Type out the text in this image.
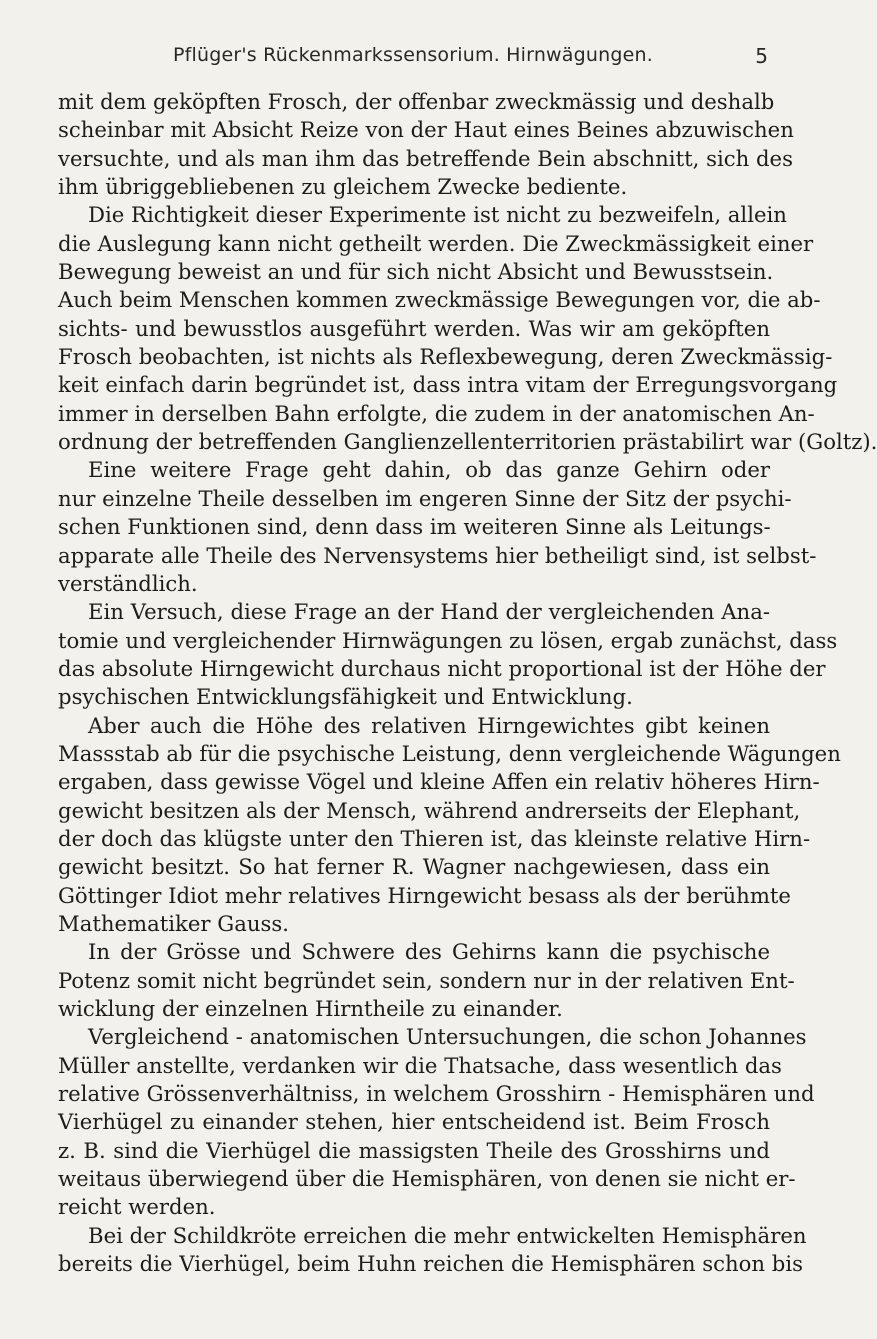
Pflüger's Rückenmarkssensorium. Hirnwägungen.	5

mit dem geköpften Frosch, der offenbar zweckmässig und deshalb

scheinbar mit Absicht Reize von der Haut eines Beines abzuwischen

versuchte, und als man ihm das betreffende Bein abschnitt, sich des

ihm übriggebliebenen zu gleichem Zwecke bediente.

Die Richtigkeit dieser Experimente ist nicht zu bezweifeln, allein

die Auslegung kann nicht getheilt werden. Die Zweckmässigkeit einer

Bewegung beweist an und für sich nicht Absicht und Bewusstsein.

Auch beim Menschen kommen zweckmässige Bewegungen vor, die ab-

sichts- und bewusstlos ausgeführt werden. Was wir am geköpften

Frosch beobachten, ist nichts als Reflexbewegung, deren Zweckmässig-

keit einfach darin begründet ist, dass intra vitam der Erregungsvorgang

immer in derselben Bahn erfolgte, die zudem in der anatomischen An-

ordnung der betreffenden Ganglienzellenterritorien prästabilirt war (Goltz).

Eine weitere Frage geht dahin, ob das ganze Gehirn oder

nur einzelne Theile desselben im engeren Sinne der Sitz der psychi-

schen Funktionen sind, denn dass im weiteren Sinne als Leitungs-

apparate alle Theile des Nervensystems hier betheiligt sind, ist selbst-

verständlich.

Ein Versuch, diese Frage an der Hand der vergleichenden Ana-

tomie und vergleichender Hirnwägungen zu lösen, ergab zunächst, dass

das absolute Hirngewicht durchaus nicht proportional ist der Höhe der

psychischen Entwicklungsfähigkeit und Entwicklung.

Aber auch die Höhe des relativen Hirngewichtes gibt keinen

Massstab ab für die psychische Leistung, denn vergleichende Wägungen

ergaben, dass gewisse Vögel und kleine Affen ein relativ höheres Hirn-

gewicht besitzen als der Mensch, während andrerseits der Elephant,

der doch das klügste unter den Thieren ist, das kleinste relative Hirn-

gewicht besitzt. So hat ferner R. Wagner nachgewiesen, dass ein

Göttinger Idiot mehr relatives Hirngewicht besass als der berühmte

Mathematiker Gauss.

In der Grösse und Schwere des Gehirns kann die psychische

Potenz somit nicht begründet sein, sondern nur in der relativen Ent-

wicklung der einzelnen Hirntheile zu einander.

Vergleichend - anatomischen Untersuchungen, die schon Johannes

Müller anstellte, verdanken wir die Thatsache, dass wesentlich das

relative Grössenverhältniss, in welchem Grosshirn - Hemisphären und

Vierhügel zu einander stehen, hier entscheidend ist. Beim Frosch

z. B. sind die Vierhügel die massigsten Theile des Grosshirns und

weitaus überwiegend über die Hemisphären, von denen sie nicht er-

reicht werden.

Bei der Schildkröte erreichen die mehr entwickelten Hemisphären

bereits die Vierhügel, beim Huhn reichen die Hemisphären schon bis
